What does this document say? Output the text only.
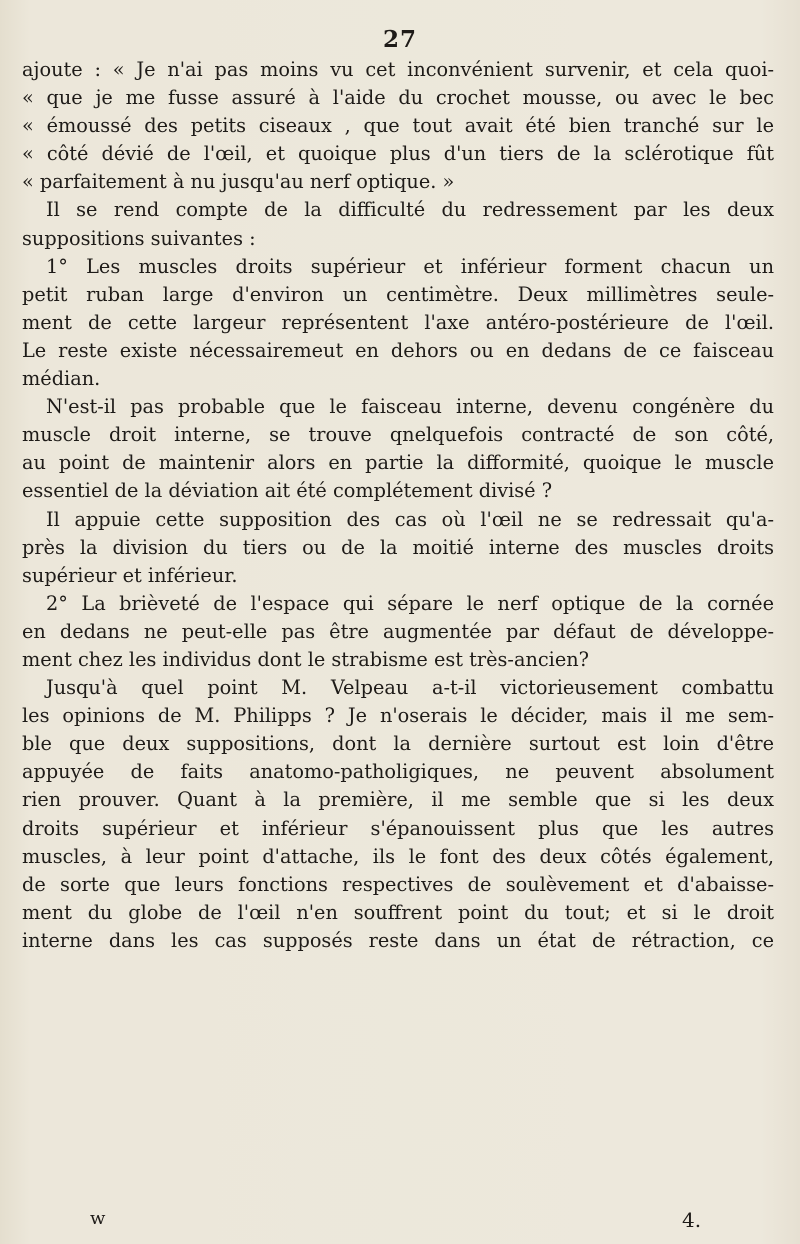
27
ajoute : « Je n'ai pas moins vu cet inconvénient survenir, et cela quoi-
« que je me fusse assuré à l'aide du crochet mousse, ou avec le bec
« émoussé des petits ciseaux , que tout avait été bien tranché sur le
« côté dévié de l'œil, et quoique plus d'un tiers de la sclérotique fût
« parfaitement à nu jusqu'au nerf optique. »
Il se rend compte de la difficulté du redressement par les deux
suppositions suivantes :
1° Les muscles droits supérieur et inférieur forment chacun un
petit ruban large d'environ un centimètre. Deux millimètres seule-
ment de cette largeur représentent l'axe antéro-postérieure de l'œil.
Le reste existe nécessairemeut en dehors ou en dedans de ce faisceau
médian.
N'est-il pas probable que le faisceau interne, devenu congénère du
muscle droit interne, se trouve qnelquefois contracté de son côté,
au point de maintenir alors en partie la difformité, quoique le muscle
essentiel de la déviation ait été complétement divisé ?
Il appuie cette supposition des cas où l'œil ne se redressait qu'a-
près la division du tiers ou de la moitié interne des muscles droits
supérieur et inférieur.
2° La brièveté de l'espace qui sépare le nerf optique de la cornée
en dedans ne peut-elle pas être augmentée par défaut de développe-
ment chez les individus dont le strabisme est très-ancien?
Jusqu'à quel point M. Velpeau a-t-il victorieusement combattu
les opinions de M. Philipps ? Je n'oserais le décider, mais il me sem-
ble que deux suppositions, dont la dernière surtout est loin d'être
appuyée de faits anatomo-patholigiques, ne peuvent absolument
rien prouver. Quant à la première, il me semble que si les deux
droits supérieur et inférieur s'épanouissent plus que les autres
muscles, à leur point d'attache, ils le font des deux côtés également,
de sorte que leurs fonctions respectives de soulèvement et d'abaisse-
ment du globe de l'œil n'en souffrent point du tout; et si le droit
interne dans les cas supposés reste dans un état de rétraction, ce
w	4.
